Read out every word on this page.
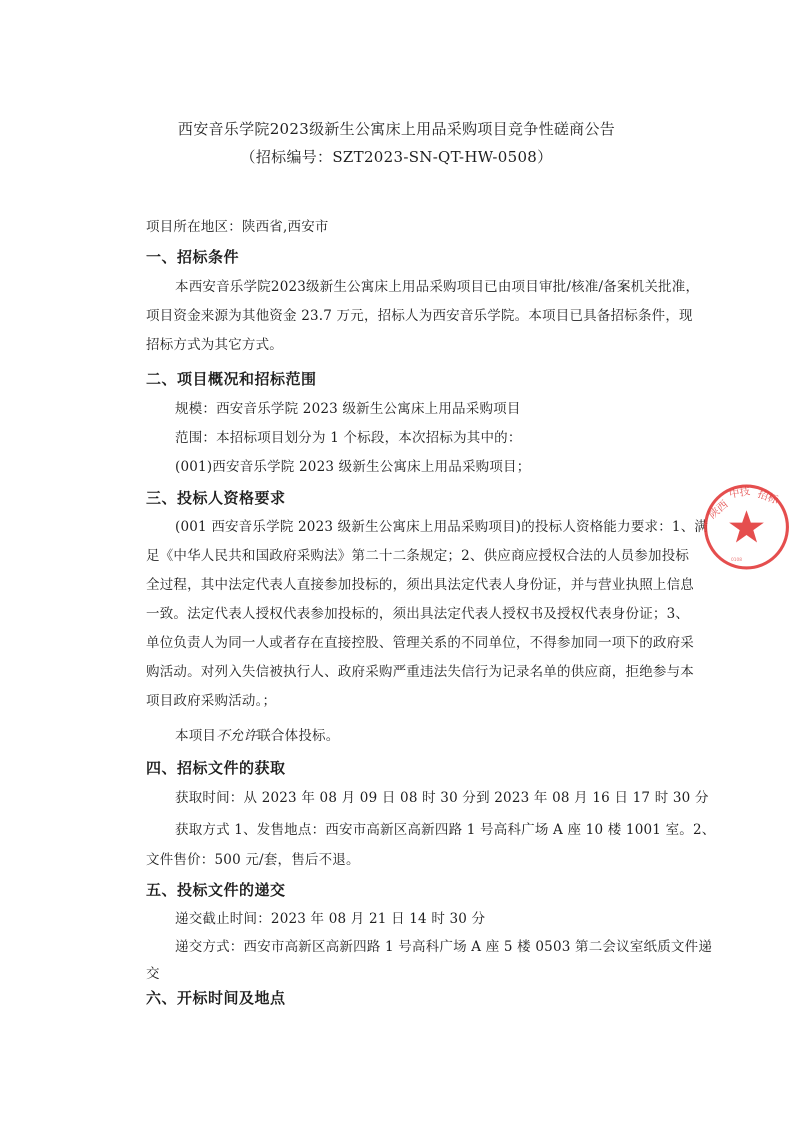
西安音乐学院2023级新生公寓床上用品采购项目竞争性磋商公告
（招标编号：SZT2023-SN-QT-HW-0508）
项目所在地区：陕西省,西安市
一、招标条件
本西安音乐学院2023级新生公寓床上用品采购项目已由项目审批/核准/备案机关批准，
项目资金来源为其他资金 23.7 万元，招标人为西安音乐学院。本项目已具备招标条件，现
招标方式为其它方式。
二、项目概况和招标范围
规模：西安音乐学院 2023 级新生公寓床上用品采购项目
范围：本招标项目划分为 1 个标段，本次招标为其中的：
(001)西安音乐学院 2023 级新生公寓床上用品采购项目；
三、投标人资格要求
(001 西安音乐学院 2023 级新生公寓床上用品采购项目)的投标人资格能力要求：1、满
足《中华人民共和国政府采购法》第二十二条规定；2、供应商应授权合法的人员参加投标
全过程，其中法定代表人直接参加投标的，须出具法定代表人身份证，并与营业执照上信息
一致。法定代表人授权代表参加投标的，须出具法定代表人授权书及授权代表身份证；3、
单位负责人为同一人或者存在直接控股、管理关系的不同单位，不得参加同一项下的政府采
购活动。对列入失信被执行人、政府采购严重违法失信行为记录名单的供应商，拒绝参与本
项目政府采购活动。；
本项目不允许联合体投标。
四、招标文件的获取
获取时间：从 2023 年 08 月 09 日 08 时 30 分到 2023 年 08 月 16 日 17 时 30 分
获取方式 1、发售地点：西安市高新区高新四路 1 号高科广场 A 座 10 楼 1001 室。2、
文件售价：500 元/套，售后不退。
五、投标文件的递交
递交截止时间：2023 年 08 月 21 日 14 时 30 分
递交方式：西安市高新区高新四路 1 号高科广场 A 座 5 楼 0503 第二会议室纸质文件递
交
六、开标时间及地点
陕西
中技 招标
0108
